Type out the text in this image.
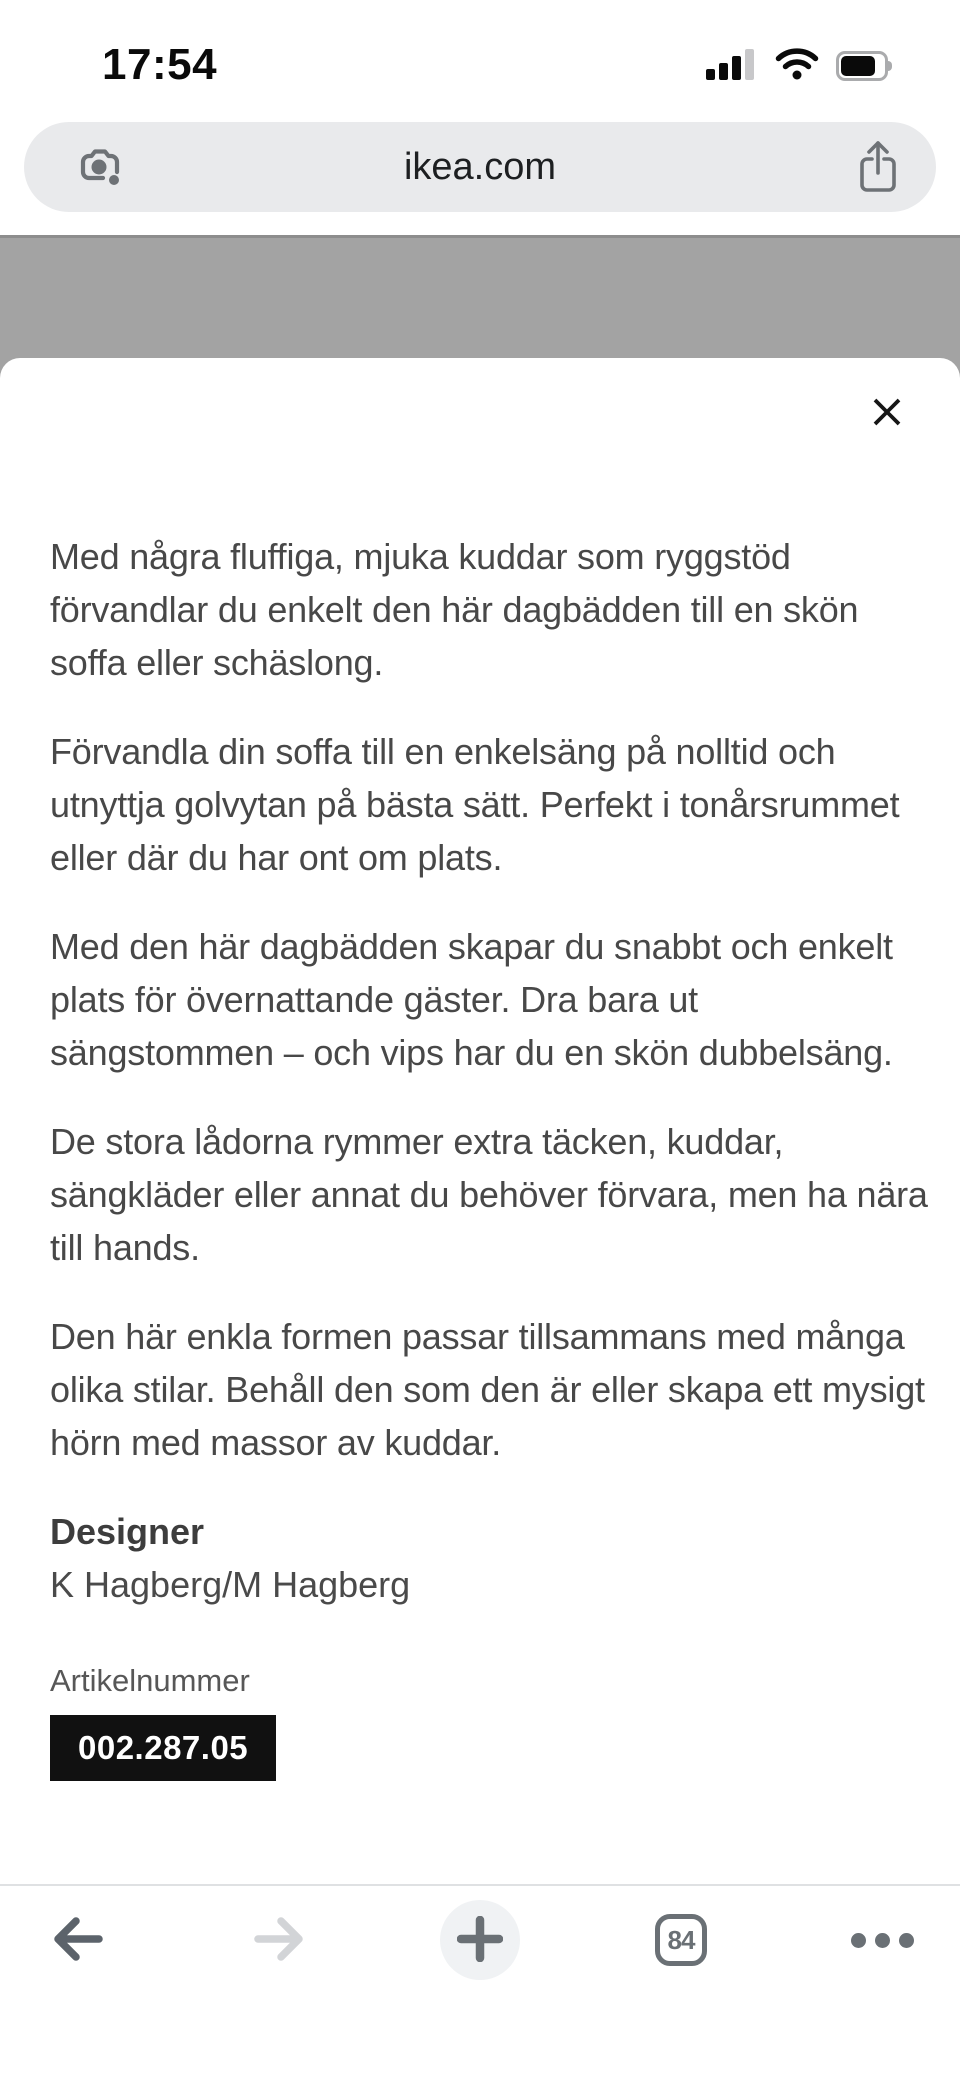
17:54
ikea.com

Med några fluffiga, mjuka kuddar som ryggstöd förvandlar du enkelt den här dagbädden till en skön soffa eller schäslong.

Förvandla din soffa till en enkelsäng på nolltid och utnyttja golvytan på bästa sätt. Perfekt i tonårsrummet eller där du har ont om plats.

Med den här dagbädden skapar du snabbt och enkelt plats för övernattande gäster. Dra bara ut sängstommen – och vips har du en skön dubbelsäng.

De stora lådorna rymmer extra täcken, kuddar, sängkläder eller annat du behöver förvara, men ha nära till hands.

Den här enkla formen passar tillsammans med många olika stilar. Behåll den som den är eller skapa ett mysigt hörn med massor av kuddar.

Designer
K Hagberg/M Hagberg
Artikelnummer
002.287.05
84
